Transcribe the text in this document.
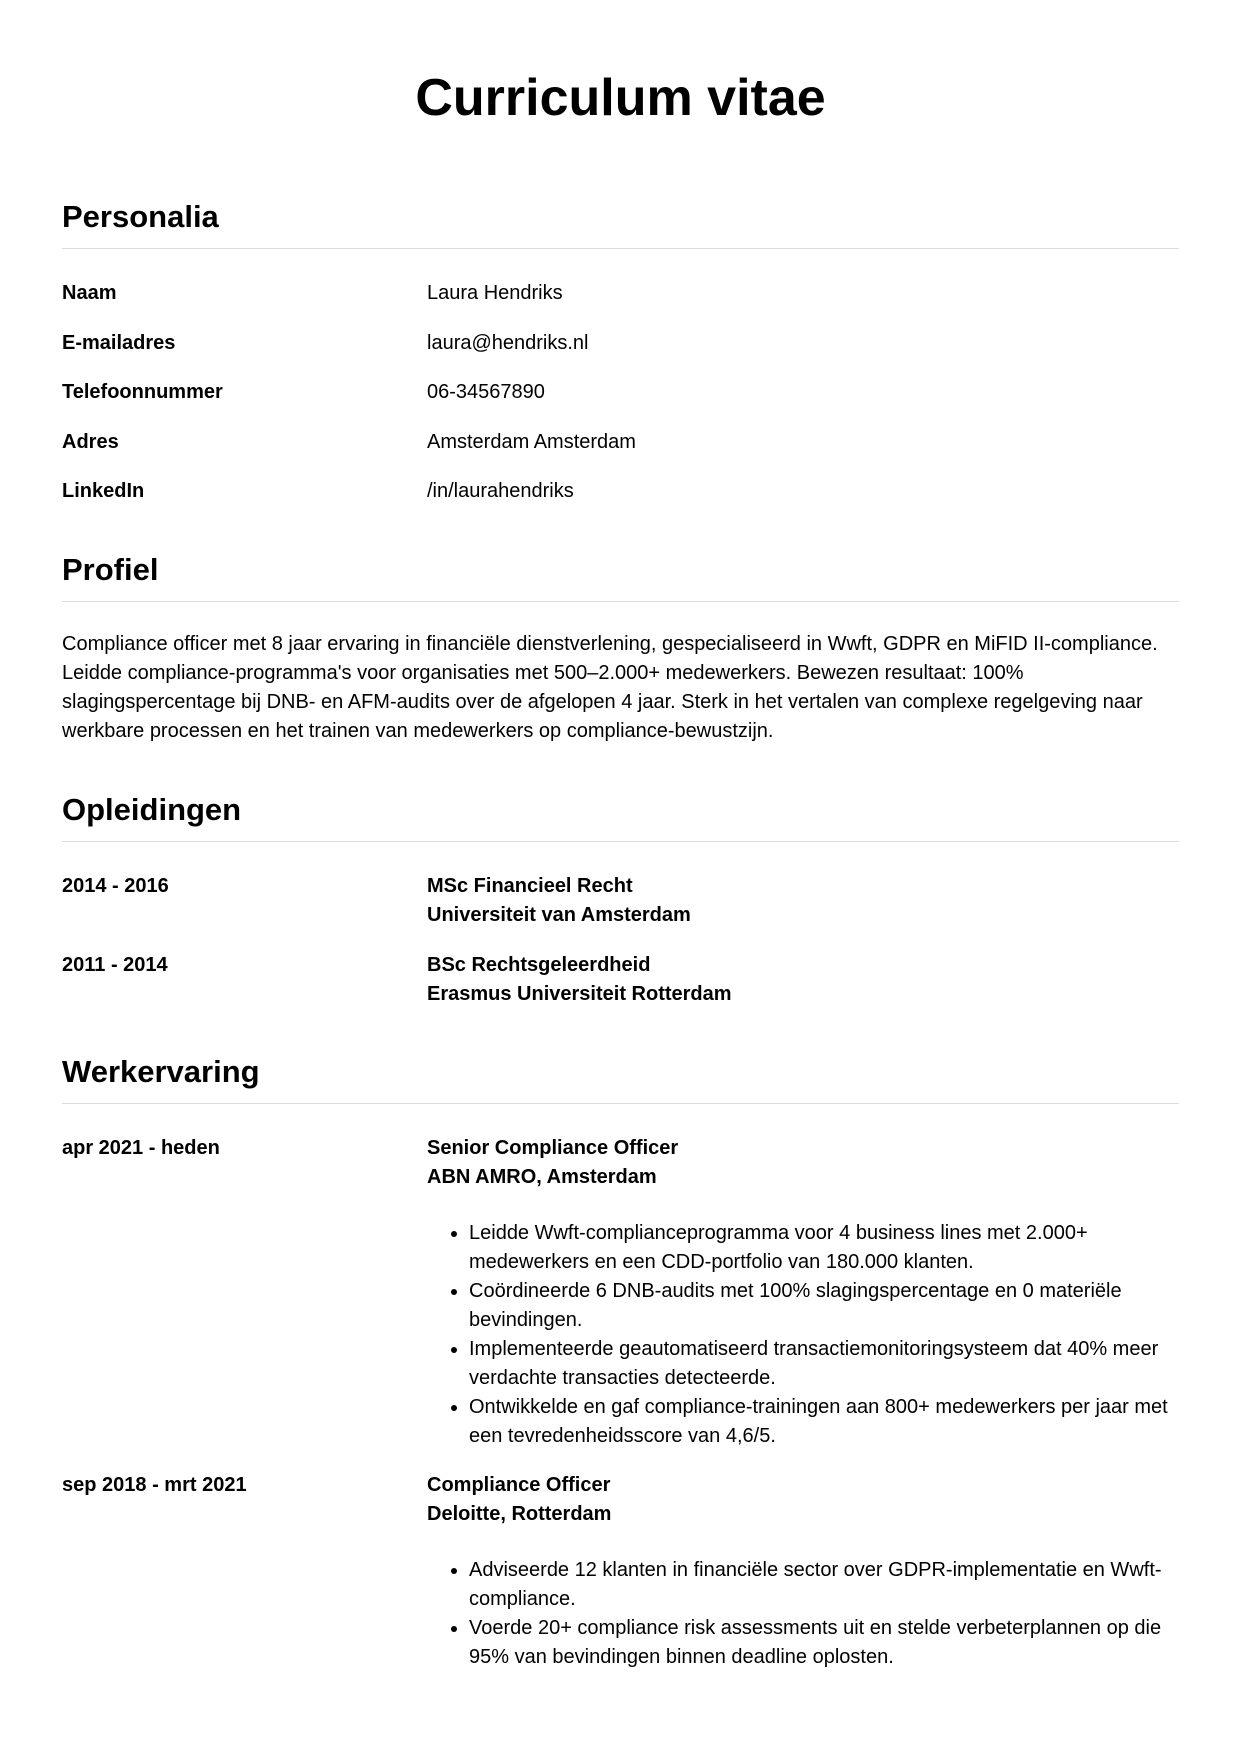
Curriculum vitae
Personalia
Naam	Laura Hendriks
E-mailadres	laura@hendriks.nl
Telefoonnummer	06-34567890
Adres	Amsterdam Amsterdam
LinkedIn	/in/laurahendriks
Profiel

Compliance officer met 8 jaar ervaring in financiële dienstverlening, gespecialiseerd in Wwft, GDPR en MiFID II-compliance. Leidde compliance-programma's voor organisaties met 500–2.000+ medewerkers. Bewezen resultaat: 100% slagingspercentage bij DNB- en AFM-audits over de afgelopen 4 jaar. Sterk in het vertalen van complexe regelgeving naar werkbare processen en het trainen van medewerkers op compliance-bewustzijn.

Opleidingen
2014 - 2016	MSc Financieel Recht
Universiteit van Amsterdam
2011 - 2014	BSc Rechtsgeleerdheid
Erasmus Universiteit Rotterdam
Werkervaring
apr 2021 - heden	Senior Compliance Officer
ABN AMRO, Amsterdam
• Leidde Wwft-complianceprogramma voor 4 business lines met 2.000+ medewerkers en een CDD-portfolio van 180.000 klanten.
• Coördineerde 6 DNB-audits met 100% slagingspercentage en 0 materiële bevindingen.
• Implementeerde geautomatiseerd transactiemonitoringsysteem dat 40% meer verdachte transacties detecteerde.
• Ontwikkelde en gaf compliance-trainingen aan 800+ medewerkers per jaar met een tevredenheidsscore van 4,6/5.
sep 2018 - mrt 2021	Compliance Officer
Deloitte, Rotterdam
• Adviseerde 12 klanten in financiële sector over GDPR-implementatie en Wwft-compliance.
• Voerde 20+ compliance risk assessments uit en stelde verbeterplannen op die 95% van bevindingen binnen deadline oplosten.
